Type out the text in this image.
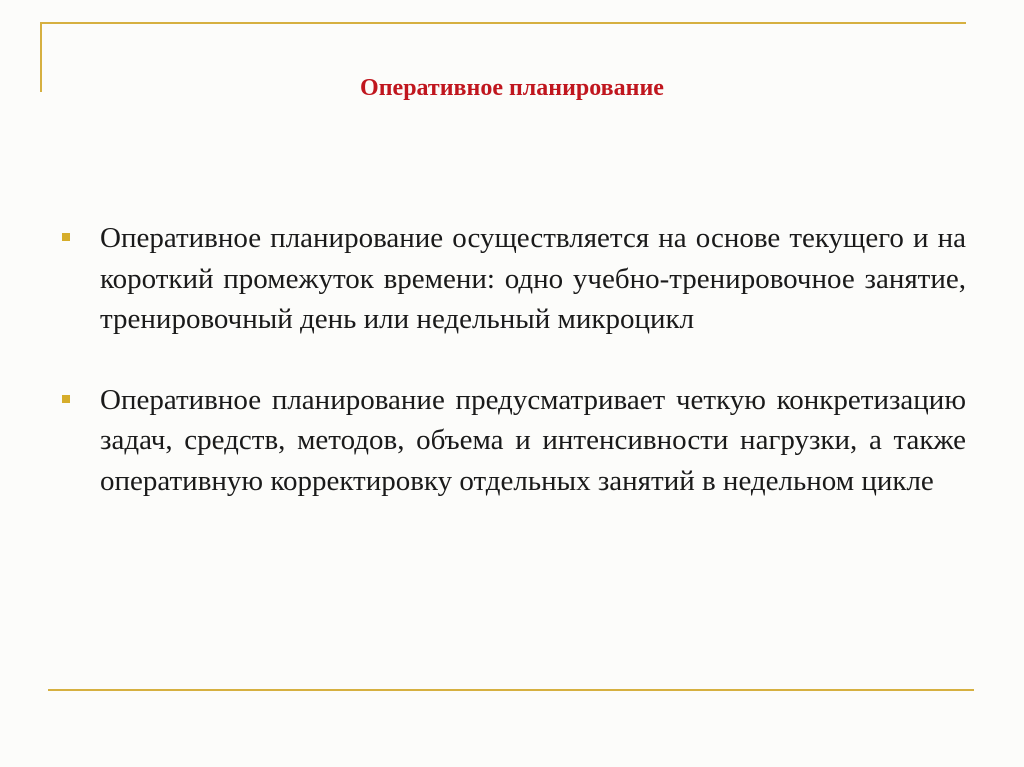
Оперативное планирование
Оперативное планирование осуществляется на основе текущего и на короткий промежуток времени: одно учебно-тренировочное занятие, тренировочный день или недельный микроцикл
Оперативное планирование предусматривает четкую конкретизацию задач, средств, методов, объема и интенсивности нагрузки, а также оперативную корректировку отдельных занятий в недельном цикле
